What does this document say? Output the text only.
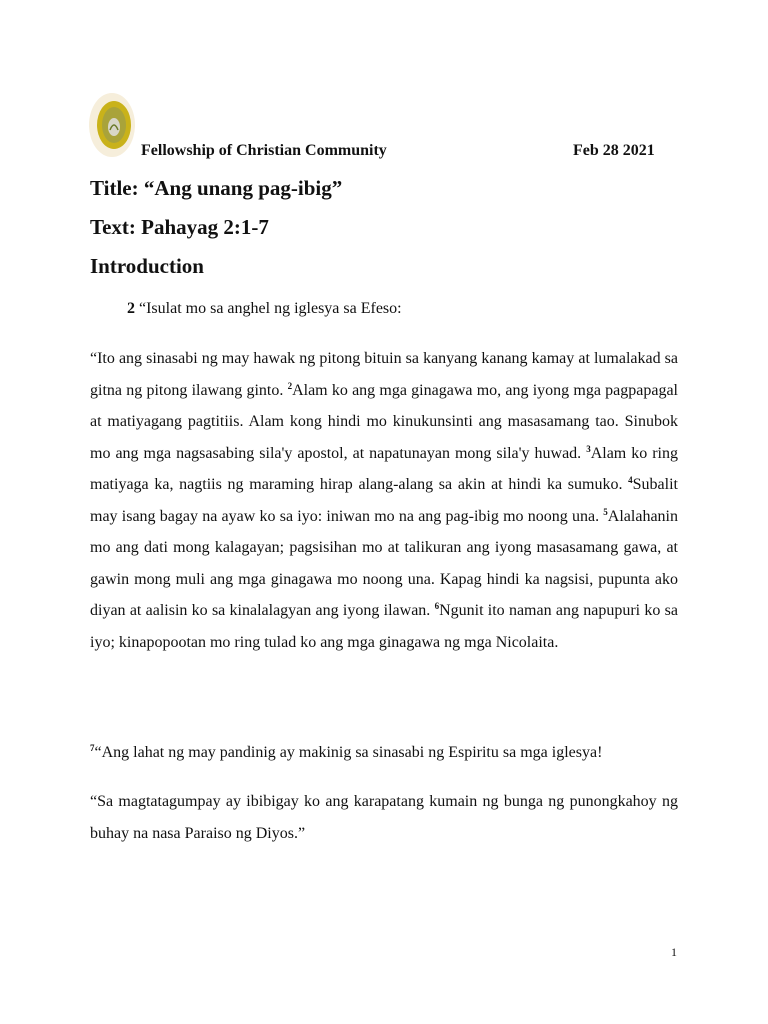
Fellowship of Christian Community	Feb 28 2021
Title: “Ang unang pag-ibig”
Text: Pahayag 2:1-7
Introduction
2 “Isulat mo sa anghel ng iglesya sa Efeso:

“Ito ang sinasabi ng may hawak ng pitong bituin sa kanyang kanang kamay at lumalakad sa gitna ng pitong ilawang ginto. $^2$Alam ko ang mga ginagawa mo, ang iyong mga pagpapagal at matiyagang pagtitiis. Alam kong hindi mo kinukunsinti ang masasamang tao. Sinubok mo ang mga nagsasabing sila'y apostol, at napatunayan mong sila'y huwad. $^3$Alam ko ring matiyaga ka, nagtiis ng maraming hirap alang-alang sa akin at hindi ka sumuko. $^4$Subalit may isang bagay na ayaw ko sa iyo: iniwan mo na ang pag-ibig mo noong una. $^5$Alalahanin mo ang dati mong kalagayan; pagsisihan mo at talikuran ang iyong masasamang gawa, at gawin mong muli ang mga ginagawa mo noong una. Kapag hindi ka nagsisi, pupunta ako diyan at aalisin ko sa kinalalagyan ang iyong ilawan. $^6$Ngunit ito naman ang napupuri ko sa iyo; kinapopootan mo ring tulad ko ang mga ginagawa ng mga Nicolaita.

$^7$“Ang lahat ng may pandinig ay makinig sa sinasabi ng Espiritu sa mga iglesya!

“Sa magtatagumpay ay ibibigay ko ang karapatang kumain ng bunga ng punongkahoy ng buhay na nasa Paraiso ng Diyos.”

1
